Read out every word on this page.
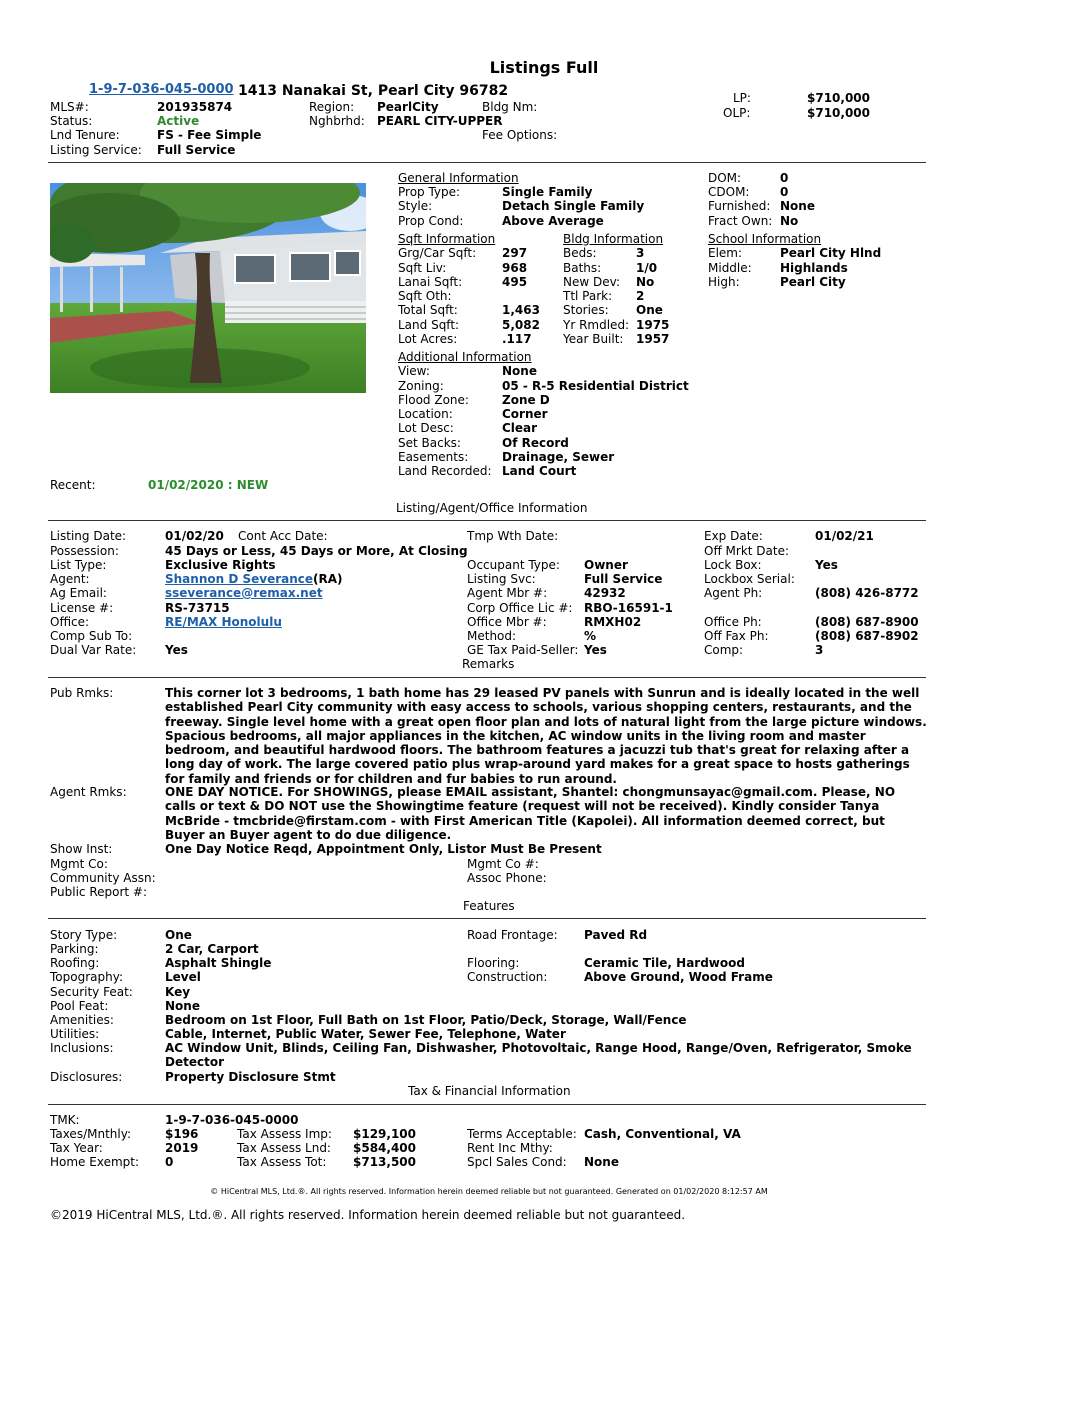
Listings Full
1-9-7-036-045-0000 1413 Nanakai St, Pearl City 96782
MLS#:	201935874
Status:	Active
Lnd Tenure:	FS - Fee Simple
Listing Service: Full Service
Region: PearlCity
Nghbrhd: PEARL CITY-UPPER
Bldg Nm:
Fee Options:
LP:	$710,000
OLP:	$710,000
General Information
Prop Type:	Single Family
Style:	Detach Single Family
Prop Cond:	Above Average
DOM:	0
CDOM:	0
Furnished: None
Fract Own: No
Sqft Information
Grg/Car Sqft: 297
Sqft Liv:	968
Lanai Sqft:	495
Sqft Oth:
Total Sqft:	1,463
Land Sqft:	5,082
Lot Acres:	.117
Bldg Information
Beds:	3
Baths:	1/0
New Dev: No
Ttl Park: 2
Stories: One
Yr Rmdled: 1975
Year Built: 1957
School Information
Elem:	Pearl City Hlnd
Middle: Highlands
High:	Pearl City
Additional Information
View:	None
Zoning:	05 - R-5 Residential District
Flood Zone:	Zone D
Location:	Corner
Lot Desc:	Clear
Set Backs:	Of Record
Easements:	Drainage, Sewer
Land Recorded: Land Court
Recent:	01/02/2020 : NEW
Listing/Agent/Office Information
Listing Date:	01/02/20 Cont Acc Date:	Tmp Wth Date:	Exp Date:	01/02/21
Possession:	45 Days or Less, 45 Days or More, At Closing	Off Mrkt Date:
List Type:	Exclusive Rights	Occupant Type: Owner	Lock Box:	Yes
Agent:	Shannon D Severance(RA)	Listing Svc:	Full Service	Lockbox Serial:
Ag Email:	sseverance@remax.net	Agent Mbr #:	42932	Agent Ph:	(808) 426-8772
License #:	RS-73715	Corp Office Lic #: RBO-16591-1
Office:	RE/MAX Honolulu	Office Mbr #:	RMXH02	Office Ph:	(808) 687-8900
Comp Sub To:	Method:	%	Off Fax Ph:	(808) 687-8902
Dual Var Rate: Yes	GE Tax Paid-Seller: Yes	Comp:	3
Remarks
Pub Rmks:	This corner lot 3 bedrooms, 1 bath home has 29 leased PV panels with Sunrun and is ideally located in the well established Pearl City community with easy access to schools, various shopping centers, restaurants, and the freeway. Single level home with a great open floor plan and lots of natural light from the large picture windows. Spacious bedrooms, all major appliances in the kitchen, AC window units in the living room and master bedroom, and beautiful hardwood floors. The bathroom features a jacuzzi tub that's great for relaxing after a long day of work. The large covered patio plus wrap-around yard makes for a great space to hosts gatherings for family and friends or for children and fur babies to run around.
Agent Rmks:	ONE DAY NOTICE. For SHOWINGS, please EMAIL assistant, Shantel: chongmunsayac@gmail.com. Please, NO calls or text & DO NOT use the Showingtime feature (request will not be received). Kindly consider Tanya McBride - tmcbride@firstam.com - with First American Title (Kapolei). All information deemed correct, but Buyer an Buyer agent to do due diligence.
Show Inst:	One Day Notice Reqd, Appointment Only, Listor Must Be Present
Mgmt Co:	Mgmt Co #:
Community Assn:	Assoc Phone:
Public Report #:
Features
Story Type:	One	Road Frontage: Paved Rd
Parking:	2 Car, Carport
Roofing:	Asphalt Shingle	Flooring:	Ceramic Tile, Hardwood
Topography:	Level	Construction:	Above Ground, Wood Frame
Security Feat:	Key
Pool Feat:	None
Amenities:	Bedroom on 1st Floor, Full Bath on 1st Floor, Patio/Deck, Storage, Wall/Fence
Utilities:	Cable, Internet, Public Water, Sewer Fee, Telephone, Water
Inclusions:	AC Window Unit, Blinds, Ceiling Fan, Dishwasher, Photovoltaic, Range Hood, Range/Oven, Refrigerator, Smoke Detector
Disclosures:	Property Disclosure Stmt
Tax & Financial Information
TMK:	1-9-7-036-045-0000
Taxes/Mnthly:	$196	Tax Assess Imp: $129,100	Terms Acceptable: Cash, Conventional, VA
Tax Year:	2019	Tax Assess Lnd: $584,400	Rent Inc Mthy:
Home Exempt: 0	Tax Assess Tot: $713,500	Spcl Sales Cond: None
© HiCentral MLS, Ltd.®. All rights reserved. Information herein deemed reliable but not guaranteed. Generated on 01/02/2020 8:12:57 AM
©2019 HiCentral MLS, Ltd.®. All rights reserved. Information herein deemed reliable but not guaranteed.
